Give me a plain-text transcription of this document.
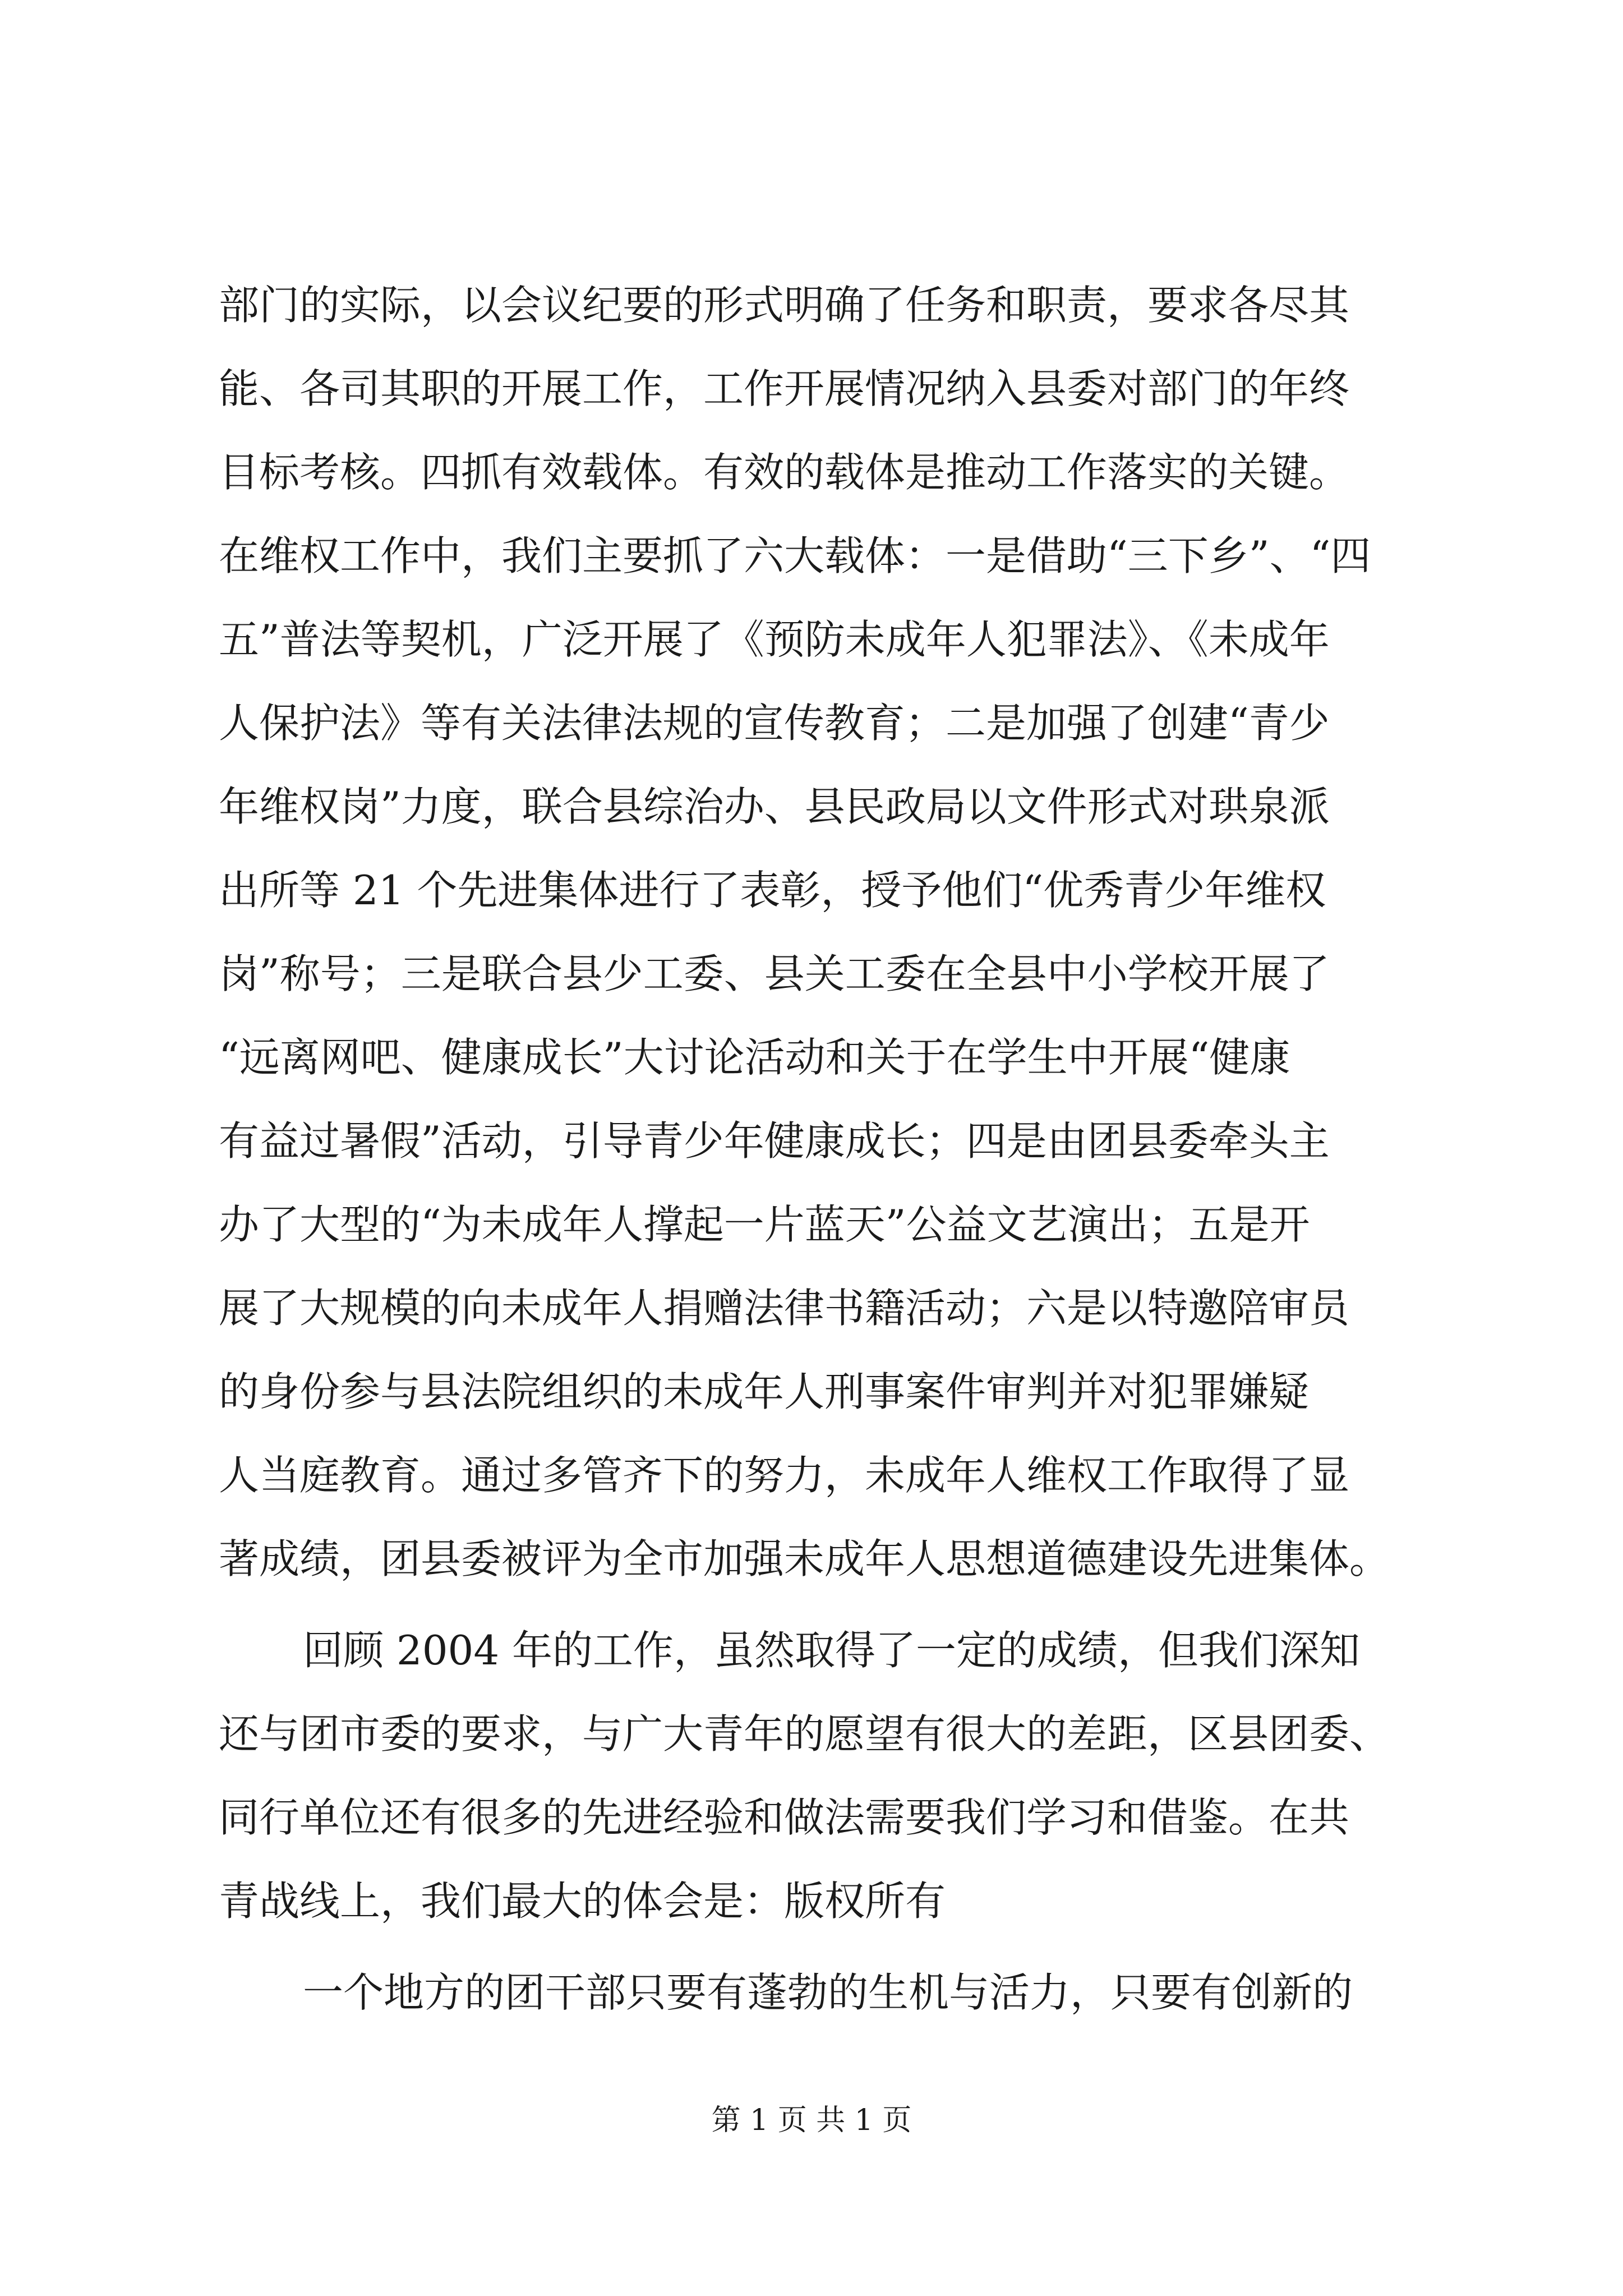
部门的实际，以会议纪要的形式明确了任务和职责，要求各尽其
能、各司其职的开展工作，工作开展情况纳入县委对部门的年终
目标考核。四抓有效载体。有效的载体是推动工作落实的关键。
在维权工作中，我们主要抓了六大载体：一是借助“三下乡”、“四
五”普法等契机，广泛开展了《预防未成年人犯罪法》、《未成年
人保护法》等有关法律法规的宣传教育；二是加强了创建“青少
年维权岗”力度，联合县综治办、县民政局以文件形式对珙泉派
出所等 21 个先进集体进行了表彰，授予他们“优秀青少年维权
岗”称号；三是联合县少工委、县关工委在全县中小学校开展了
“远离网吧、健康成长”大讨论活动和关于在学生中开展“健康
有益过暑假”活动，引导青少年健康成长；四是由团县委牵头主
办了大型的“为未成年人撑起一片蓝天”公益文艺演出；五是开
展了大规模的向未成年人捐赠法律书籍活动；六是以特邀陪审员
的身份参与县法院组织的未成年人刑事案件审判并对犯罪嫌疑
人当庭教育。通过多管齐下的努力，未成年人维权工作取得了显
著成绩，团县委被评为全市加强未成年人思想道德建设先进集体。
回顾 2004 年的工作，虽然取得了一定的成绩，但我们深知
还与团市委的要求，与广大青年的愿望有很大的差距，区县团委、
同行单位还有很多的先进经验和做法需要我们学习和借鉴。在共
青战线上，我们最大的体会是：版权所有
一个地方的团干部只要有蓬勃的生机与活力，只要有创新的
第 1 页 共 1 页
